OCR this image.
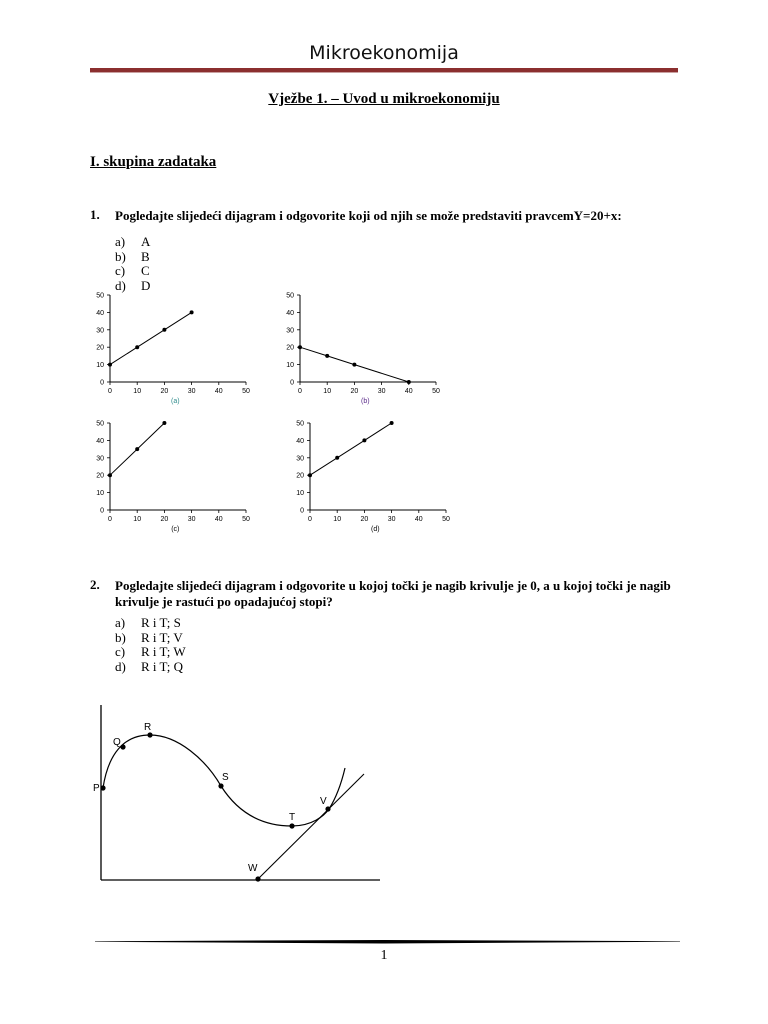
Mikroekonomija
Vježbe 1. – Uvod u mikroekonomiju
I. skupina zadataka
1. Pogledajte slijedeći dijagram i odgovorite koji od njih se može predstaviti pravcemY=20+x:
a) A
b) B
c) C
d) D
0	10	20	30	40	50
0
10
20
30
40
50
(a)
0	10	20	30	40	50
0
10
20
30
40
50
(b)
0	10	20	30	40	50
0
10
20
30
40
50
(c)
0	10	20	30	40	50
0
10
20
30
40
50
(d)
2. Pogledajte slijedeći dijagram i odgovorite u kojoj točki je nagib krivulje je 0, a u kojoj točki je nagib
krivulje je rastući po opadajućoj stopi?
a) R i T; S
b) R i T; V
c) R i T; W
d) R i T; Q
P
Q
R
S
T
V
W
1
